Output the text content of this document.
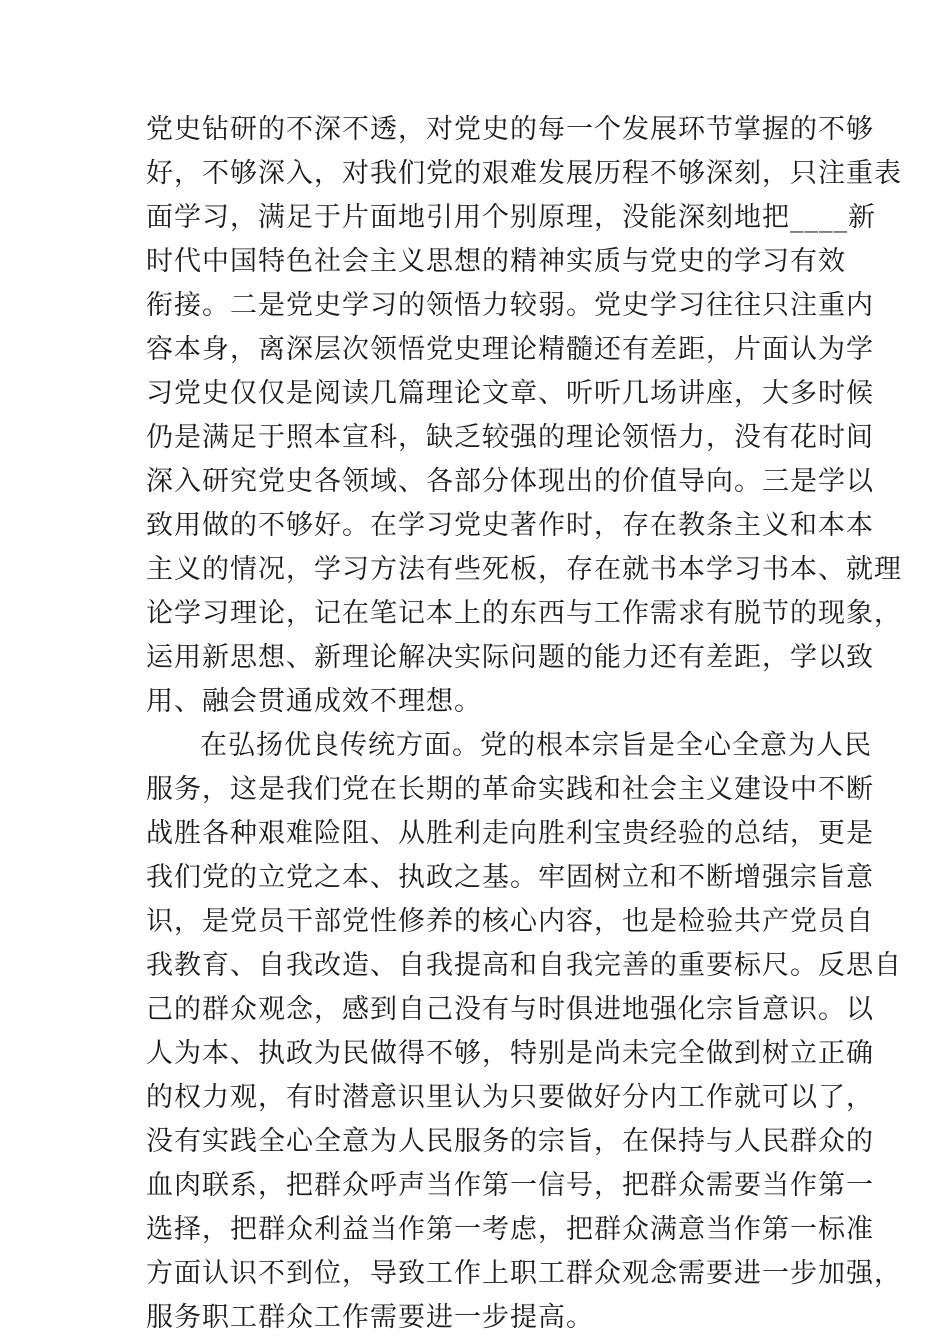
党史钻研的不深不透，对党史的每一个发展环节掌握的不够
好，不够深入，对我们党的艰难发展历程不够深刻，只注重表
面学习，满足于片面地引用个别原理，没能深刻地把____新
时代中国特色社会主义思想的精神实质与党史的学习有效
衔接。二是党史学习的领悟力较弱。党史学习往往只注重内
容本身，离深层次领悟党史理论精髓还有差距，片面认为学
习党史仅仅是阅读几篇理论文章、听听几场讲座，大多时候
仍是满足于照本宣科，缺乏较强的理论领悟力，没有花时间
深入研究党史各领域、各部分体现出的价值导向。三是学以
致用做的不够好。在学习党史著作时，存在教条主义和本本
主义的情况，学习方法有些死板，存在就书本学习书本、就理
论学习理论，记在笔记本上的东西与工作需求有脱节的现象，
运用新思想、新理论解决实际问题的能力还有差距，学以致
用、融会贯通成效不理想。
在弘扬优良传统方面。党的根本宗旨是全心全意为人民
服务，这是我们党在长期的革命实践和社会主义建设中不断
战胜各种艰难险阻、从胜利走向胜利宝贵经验的总结，更是
我们党的立党之本、执政之基。牢固树立和不断增强宗旨意
识，是党员干部党性修养的核心内容，也是检验共产党员自
我教育、自我改造、自我提高和自我完善的重要标尺。反思自
己的群众观念，感到自己没有与时俱进地强化宗旨意识。以
人为本、执政为民做得不够，特别是尚未完全做到树立正确
的权力观，有时潜意识里认为只要做好分内工作就可以了，
没有实践全心全意为人民服务的宗旨，在保持与人民群众的
血肉联系，把群众呼声当作第一信号，把群众需要当作第一
选择，把群众利益当作第一考虑，把群众满意当作第一标准
方面认识不到位，导致工作上职工群众观念需要进一步加强，
服务职工群众工作需要进一步提高。
